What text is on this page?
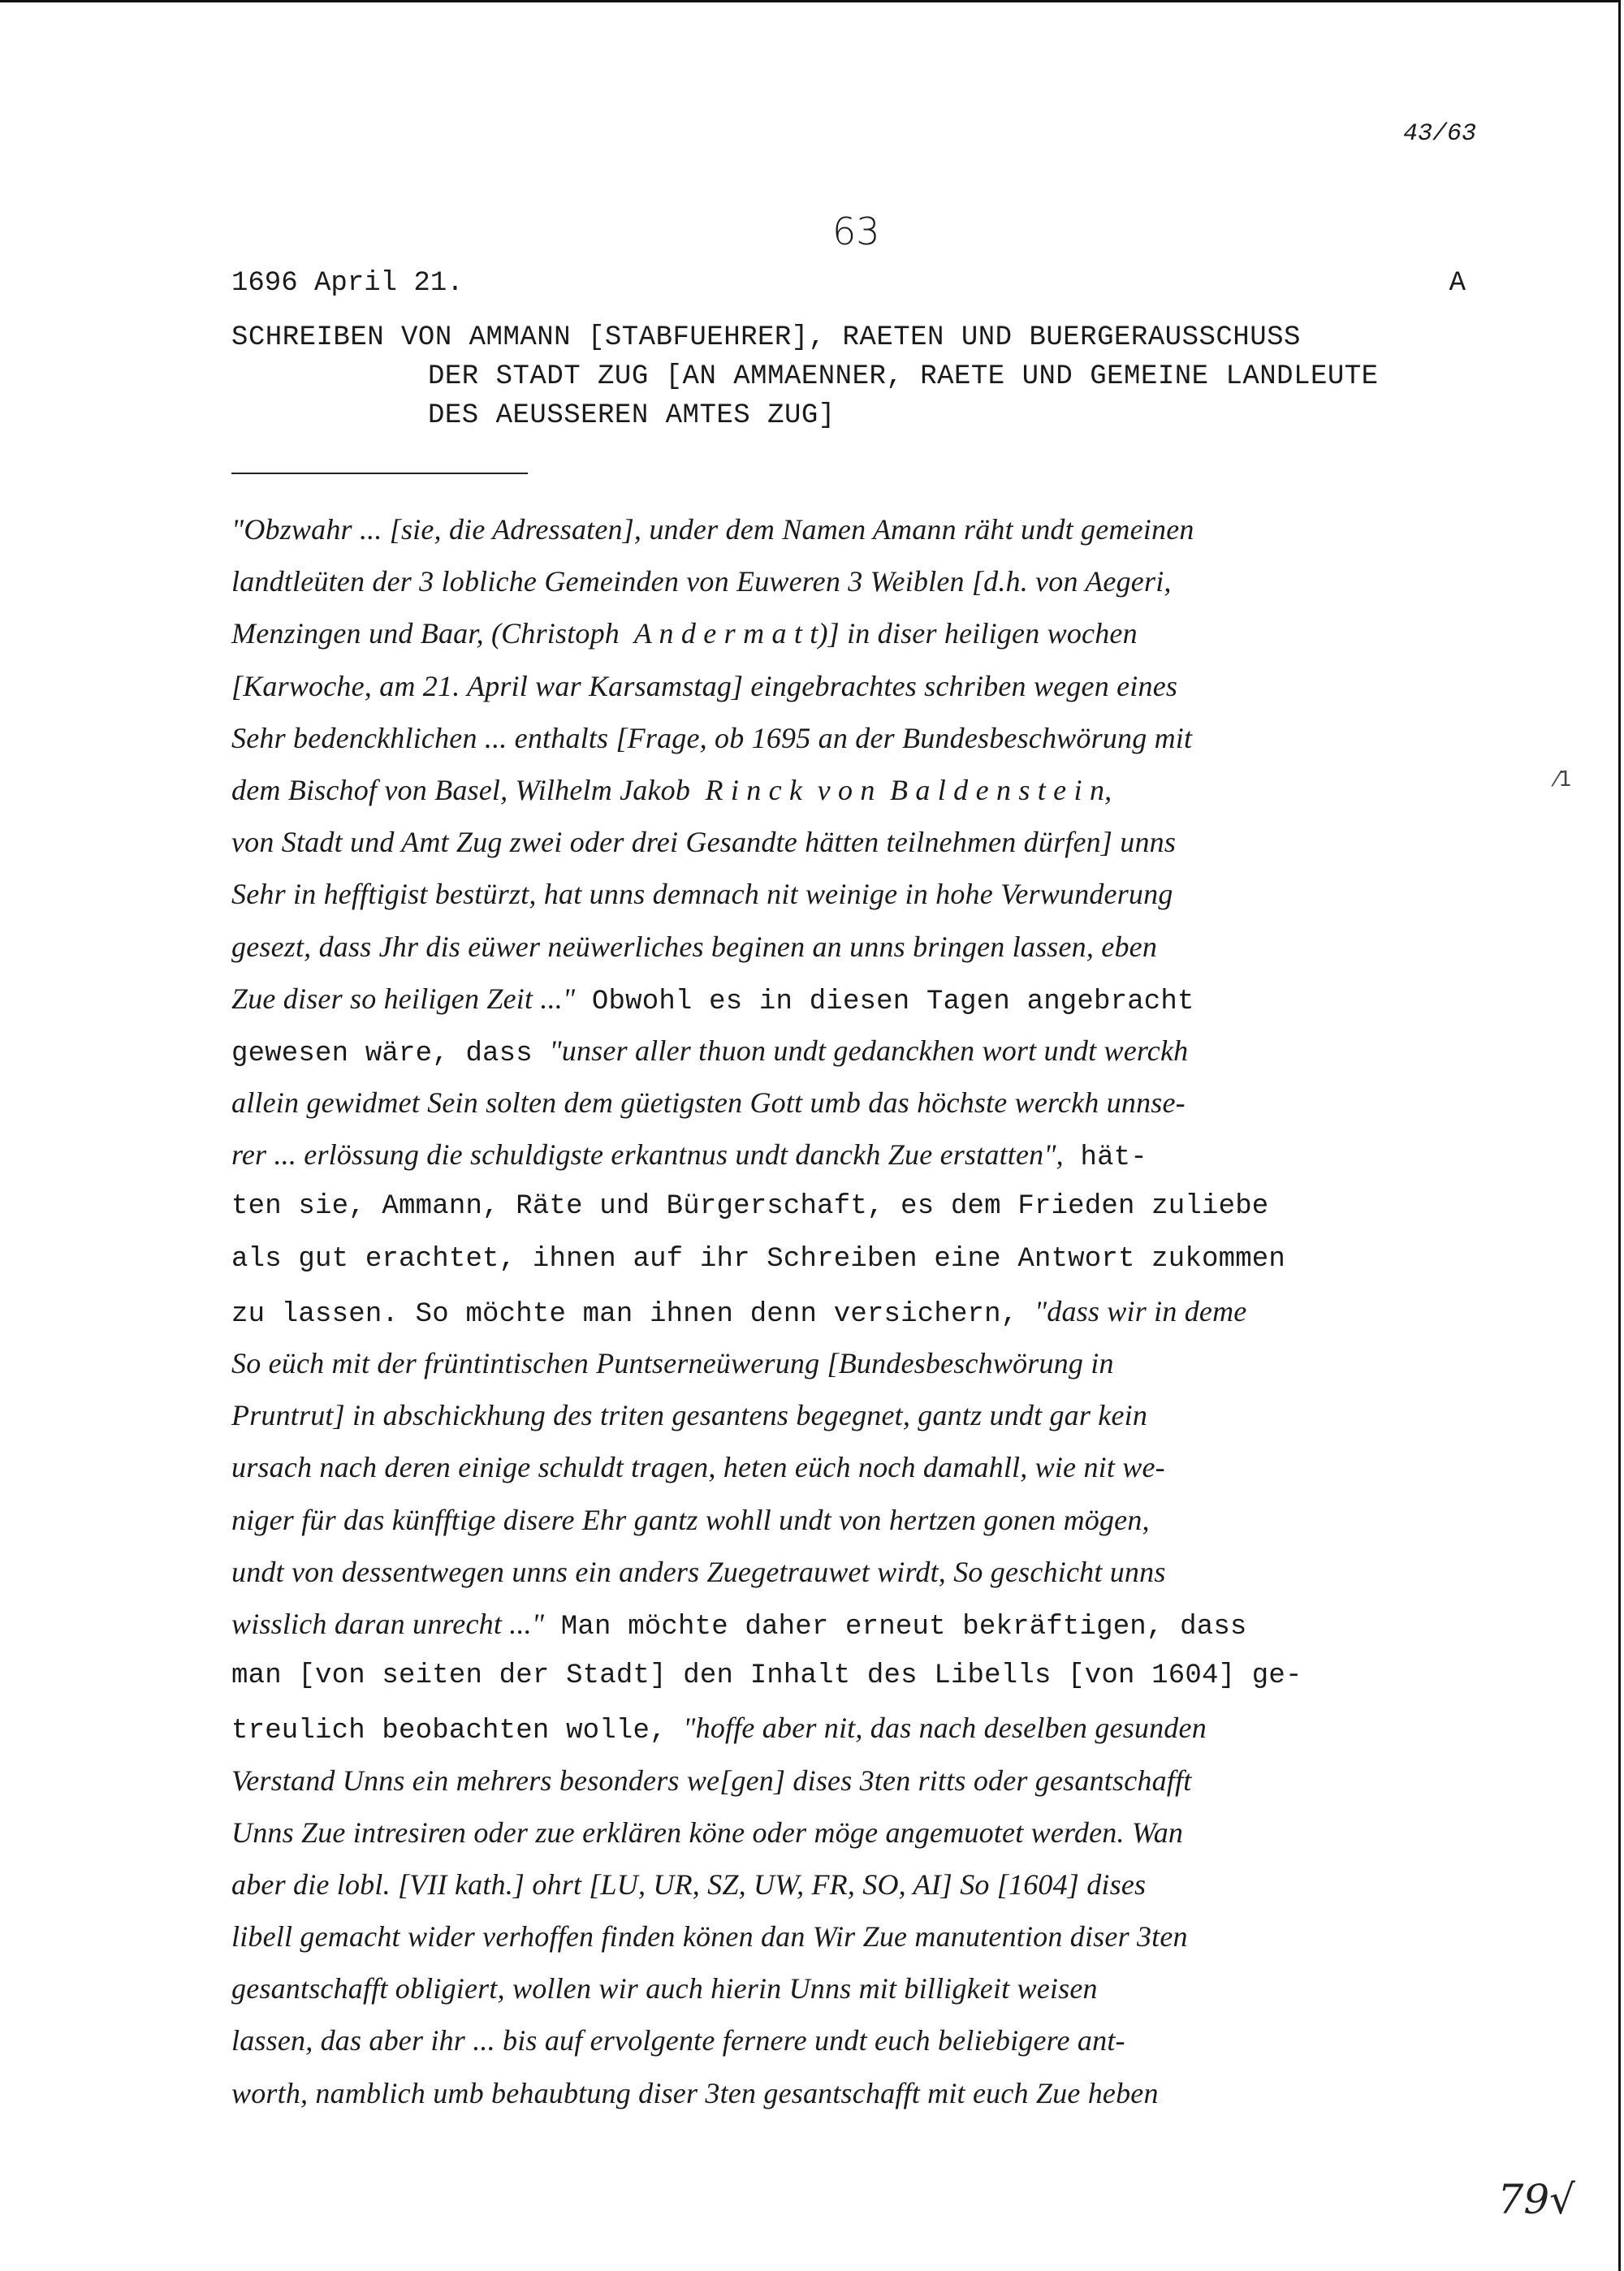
43/63
63
1696 April 21.	A
SCHREIBEN VON AMMANN [STABFUEHRER], RAETEN UND BUERGERAUSSCHUSS
DER STADT ZUG [AN AMMAENNER, RAETE UND GEMEINE LANDLEUTE
DES AEUSSEREN AMTES ZUG]
"Obzwahr ... [sie, die Adressaten], under dem Namen Amann räht undt gemeinen
landtleüten der 3 lobliche Gemeinden von Euweren 3 Weiblen [d.h. von Aegeri,
Menzingen und Baar, (Christoph  A n d e r m a t t)] in diser heiligen wochen
[Karwoche, am 21. April war Karsamstag] eingebrachtes schriben wegen eines
Sehr bedenckhlichen ... enthalts [Frage, ob 1695 an der Bundesbeschwörung mit
dem Bischof von Basel, Wilhelm Jakob  R i n c k  v o n  B a l d e n s t e i n,
von Stadt und Amt Zug zwei oder drei Gesandte hätten teilnehmen dürfen] unns
Sehr in hefftigist bestürzt, hat unns demnach nit weinige in hohe Verwunderung
gesezt, dass Jhr dis eüwer neüwerliches beginen an unns bringen lassen, eben
Zue diser so heiligen Zeit ..." Obwohl es in diesen Tagen angebracht
gewesen wäre, dass "unser aller thuon undt gedanckhen wort undt werckh
allein gewidmet Sein solten dem güetigsten Gott umb das höchste werckh unnse-
rer ... erlössung die schuldigste erkantnus undt danckh Zue erstatten", hät-
ten sie, Ammann, Räte und Bürgerschaft, es dem Frieden zuliebe
als gut erachtet, ihnen auf ihr Schreiben eine Antwort zukommen
zu lassen. So möchte man ihnen denn versichern, "dass wir in deme
So eüch mit der früntintischen Puntserneüwerung [Bundesbeschwörung in
Pruntrut] in abschickhung des triten gesantens begegnet, gantz undt gar kein
ursach nach deren einige schuldt tragen, heten eüch noch damahll, wie nit we-
niger für das künfftige disere Ehr gantz wohll undt von hertzen gonen mögen,
undt von dessentwegen unns ein anders Zuegetrauwet wirdt, So geschicht unns
wisslich daran unrecht ..." Man möchte daher erneut bekräftigen, dass
man [von seiten der Stadt] den Inhalt des Libells [von 1604] ge-
treulich beobachten wolle, "hoffe aber nit, das nach deselben gesunden
Verstand Unns ein mehrers besonders we[gen] dises 3ten ritts oder gesantschafft
Unns Zue intresiren oder zue erklären köne oder möge angemuotet werden. Wan
aber die lobl. [VII kath.] ohrt [LU, UR, SZ, UW, FR, SO, AI] So [1604] dises
libell gemacht wider verhoffen finden könen dan Wir Zue manutention diser 3ten
gesantschafft obligiert, wollen wir auch hierin Unns mit billigkeit weisen
lassen, das aber ihr ... bis auf ervolgente fernere undt euch beliebigere ant-
worth, namblich umb behaubtung diser 3ten gesantschafft mit euch Zue heben
⁄1
79√
